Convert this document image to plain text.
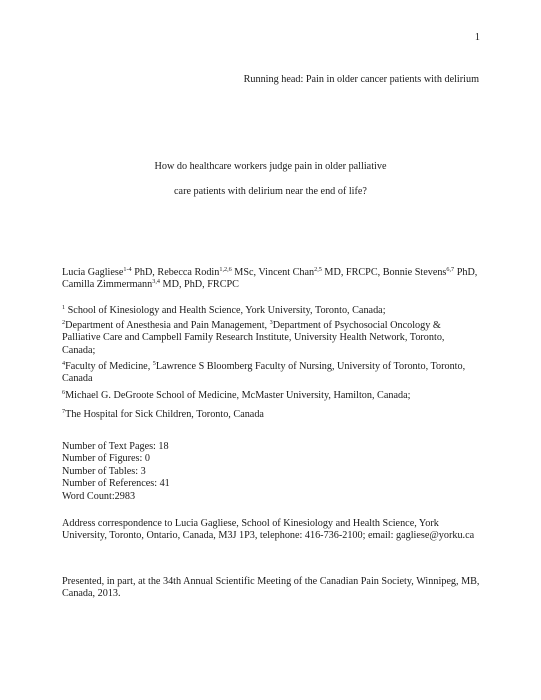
1
Running head: Pain in older cancer patients with delirium
How do healthcare workers judge pain in older palliative
care patients with delirium near the end of life?
Lucia Gagliese$^{1-4}$ PhD, Rebecca Rodin$^{1,2,6}$ MSc, Vincent Chan$^{2,5}$ MD, FRCPC, Bonnie Stevens$^{6,7}$ PhD, Camilla Zimmermann$^{3,4}$ MD, PhD, FRCPC
$^1$ School of Kinesiology and Health Science, York University, Toronto, Canada;
$^2$Department of Anesthesia and Pain Management, $^3$Department of Psychosocial Oncology & Palliative Care and Campbell Family Research Institute, University Health Network, Toronto, Canada;
$^4$Faculty of Medicine, $^5$Lawrence S Bloomberg Faculty of Nursing, University of Toronto, Toronto, Canada
$^6$Michael G. DeGroote School of Medicine, McMaster University, Hamilton, Canada;
$^7$The Hospital for Sick Children, Toronto, Canada
Number of Text Pages: 18
Number of Figures: 0
Number of Tables: 3
Number of References: 41
Word Count:2983
Address correspondence to Lucia Gagliese, School of Kinesiology and Health Science, York University, Toronto, Ontario, Canada, M3J 1P3, telephone: 416-736-2100; email: gagliese@yorku.ca
Presented, in part, at the 34th Annual Scientific Meeting of the Canadian Pain Society, Winnipeg, MB, Canada, 2013.
